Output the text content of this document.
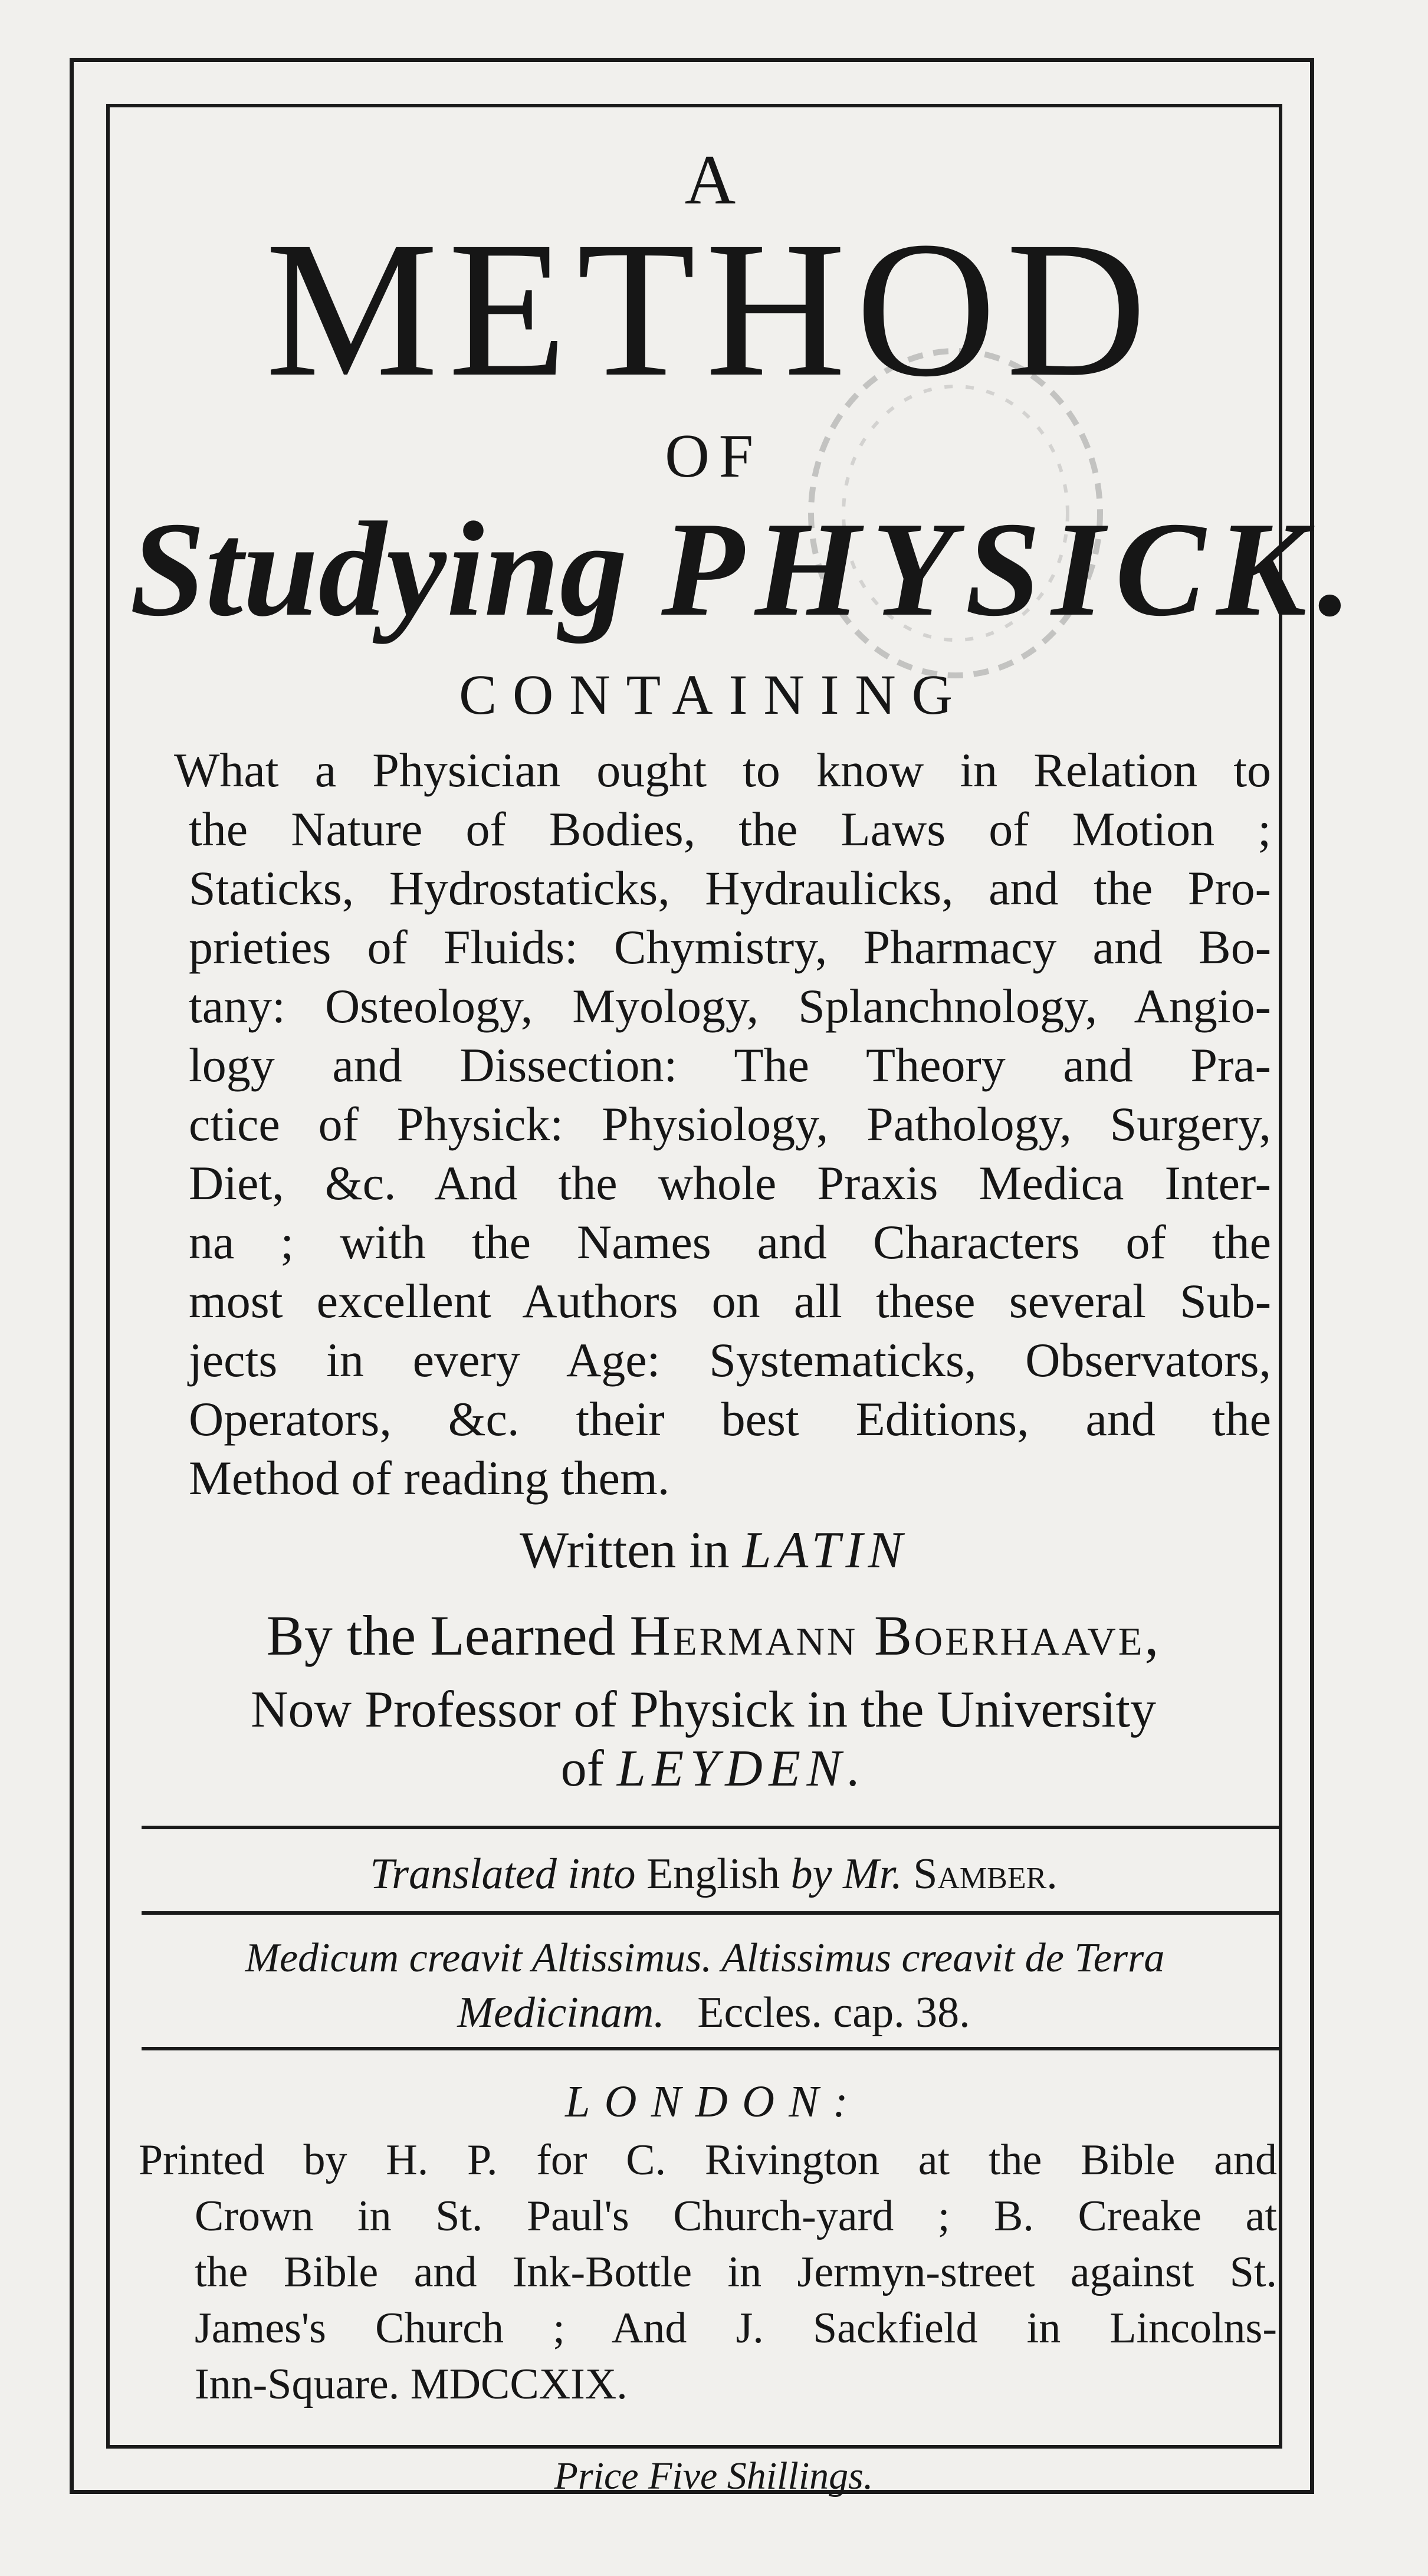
A

METHOD

OF

Studying PHYSICK.

CONTAINING

What a Physician ought to know in Relation to

the Nature of Bodies, the Laws of Motion ;

Staticks, Hydrostaticks, Hydraulicks, and the Pro-

prieties of Fluids: Chymistry, Pharmacy and Bo-

tany: Osteology, Myology, Splanchnology, Angio-

logy and Dissection: The Theory and Pra-

ctice of Physick: Physiology, Pathology, Surgery,

Diet, &c. And the whole Praxis Medica Inter-

na ; with the Names and Characters of the

most excellent Authors on all these several Sub-

jects in every Age: Systematicks, Observators,

Operators, &c. their best Editions, and the

Method of reading them.

Written in LATIN

By the Learned Hermann Boerhaave,

Now Professor of Physick in the University

of LEYDEN.

Translated into English by Mr. Samber.

Medicum creavit Altissimus. Altissimus creavit de Terra

Medicinam. Eccles. cap. 38.

LONDON:

Printed by H. P. for C. Rivington at the Bible and

Crown in St. Paul's Church-yard ; B. Creake at

the Bible and Ink-Bottle in Jermyn-street against St.

James's Church ; And J. Sackfield in Lincolns-

Inn-Square. MDCCXIX.

Price Five Shillings.
